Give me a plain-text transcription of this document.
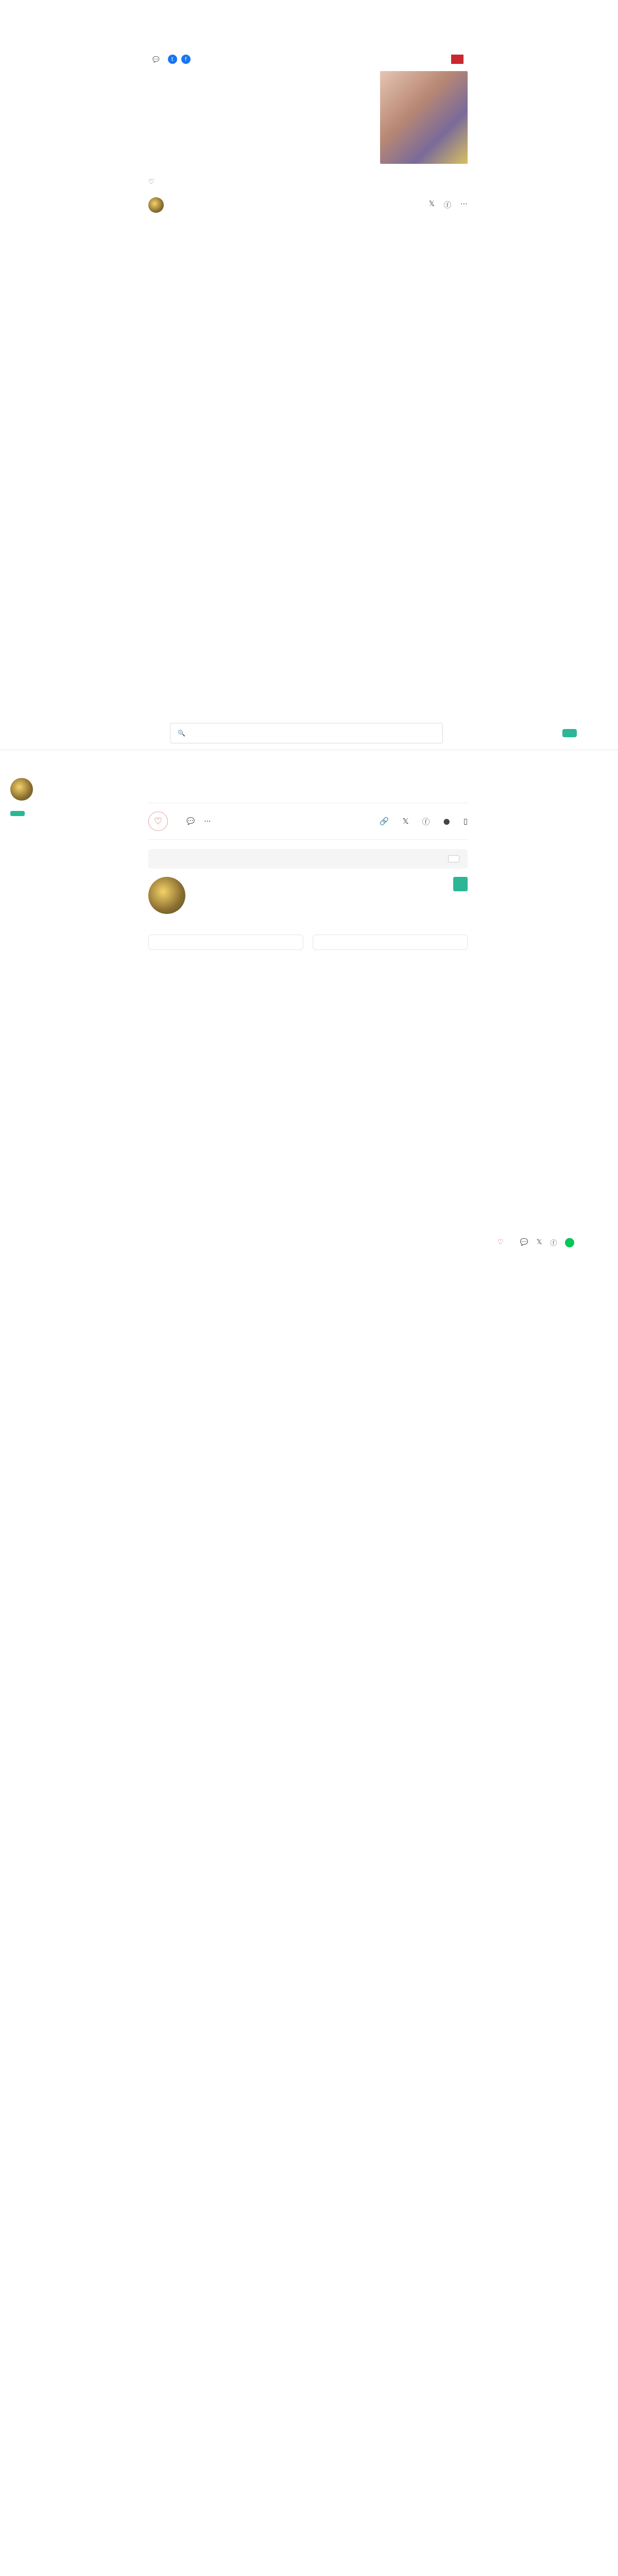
💬	t	f

♡
𝕏 ⓕ ⋯
🔍
♡ 💬 𝕏 ⓕ
♡	💬 ⋯	🔗 𝕏 ⓕ ● ▯
